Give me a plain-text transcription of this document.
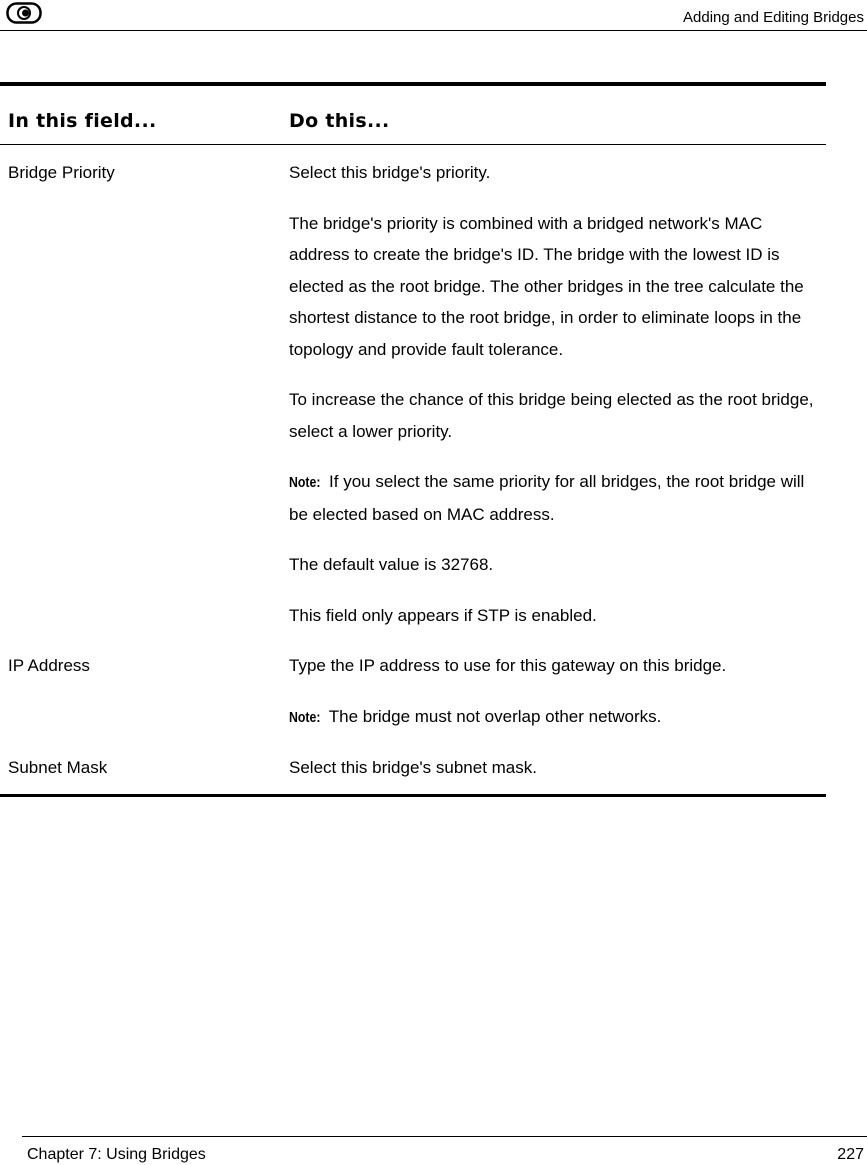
Adding and Editing Bridges
In this field...	Do this...
Bridge Priority	Select this bridge's priority.

The bridge's priority is combined with a bridged network's MAC address to create the bridge's ID. The bridge with the lowest ID is elected as the root bridge. The other bridges in the tree calculate the shortest distance to the root bridge, in order to eliminate loops in the topology and provide fault tolerance.

To increase the chance of this bridge being elected as the root bridge, select a lower priority.

Note: If you select the same priority for all bridges, the root bridge will be elected based on MAC address.

The default value is 32768.

This field only appears if STP is enabled.

IP Address	Type the IP address to use for this gateway on this bridge.

Note: The bridge must not overlap other networks.

Subnet Mask	Select this bridge's subnet mask.

Chapter 7: Using Bridges	227
